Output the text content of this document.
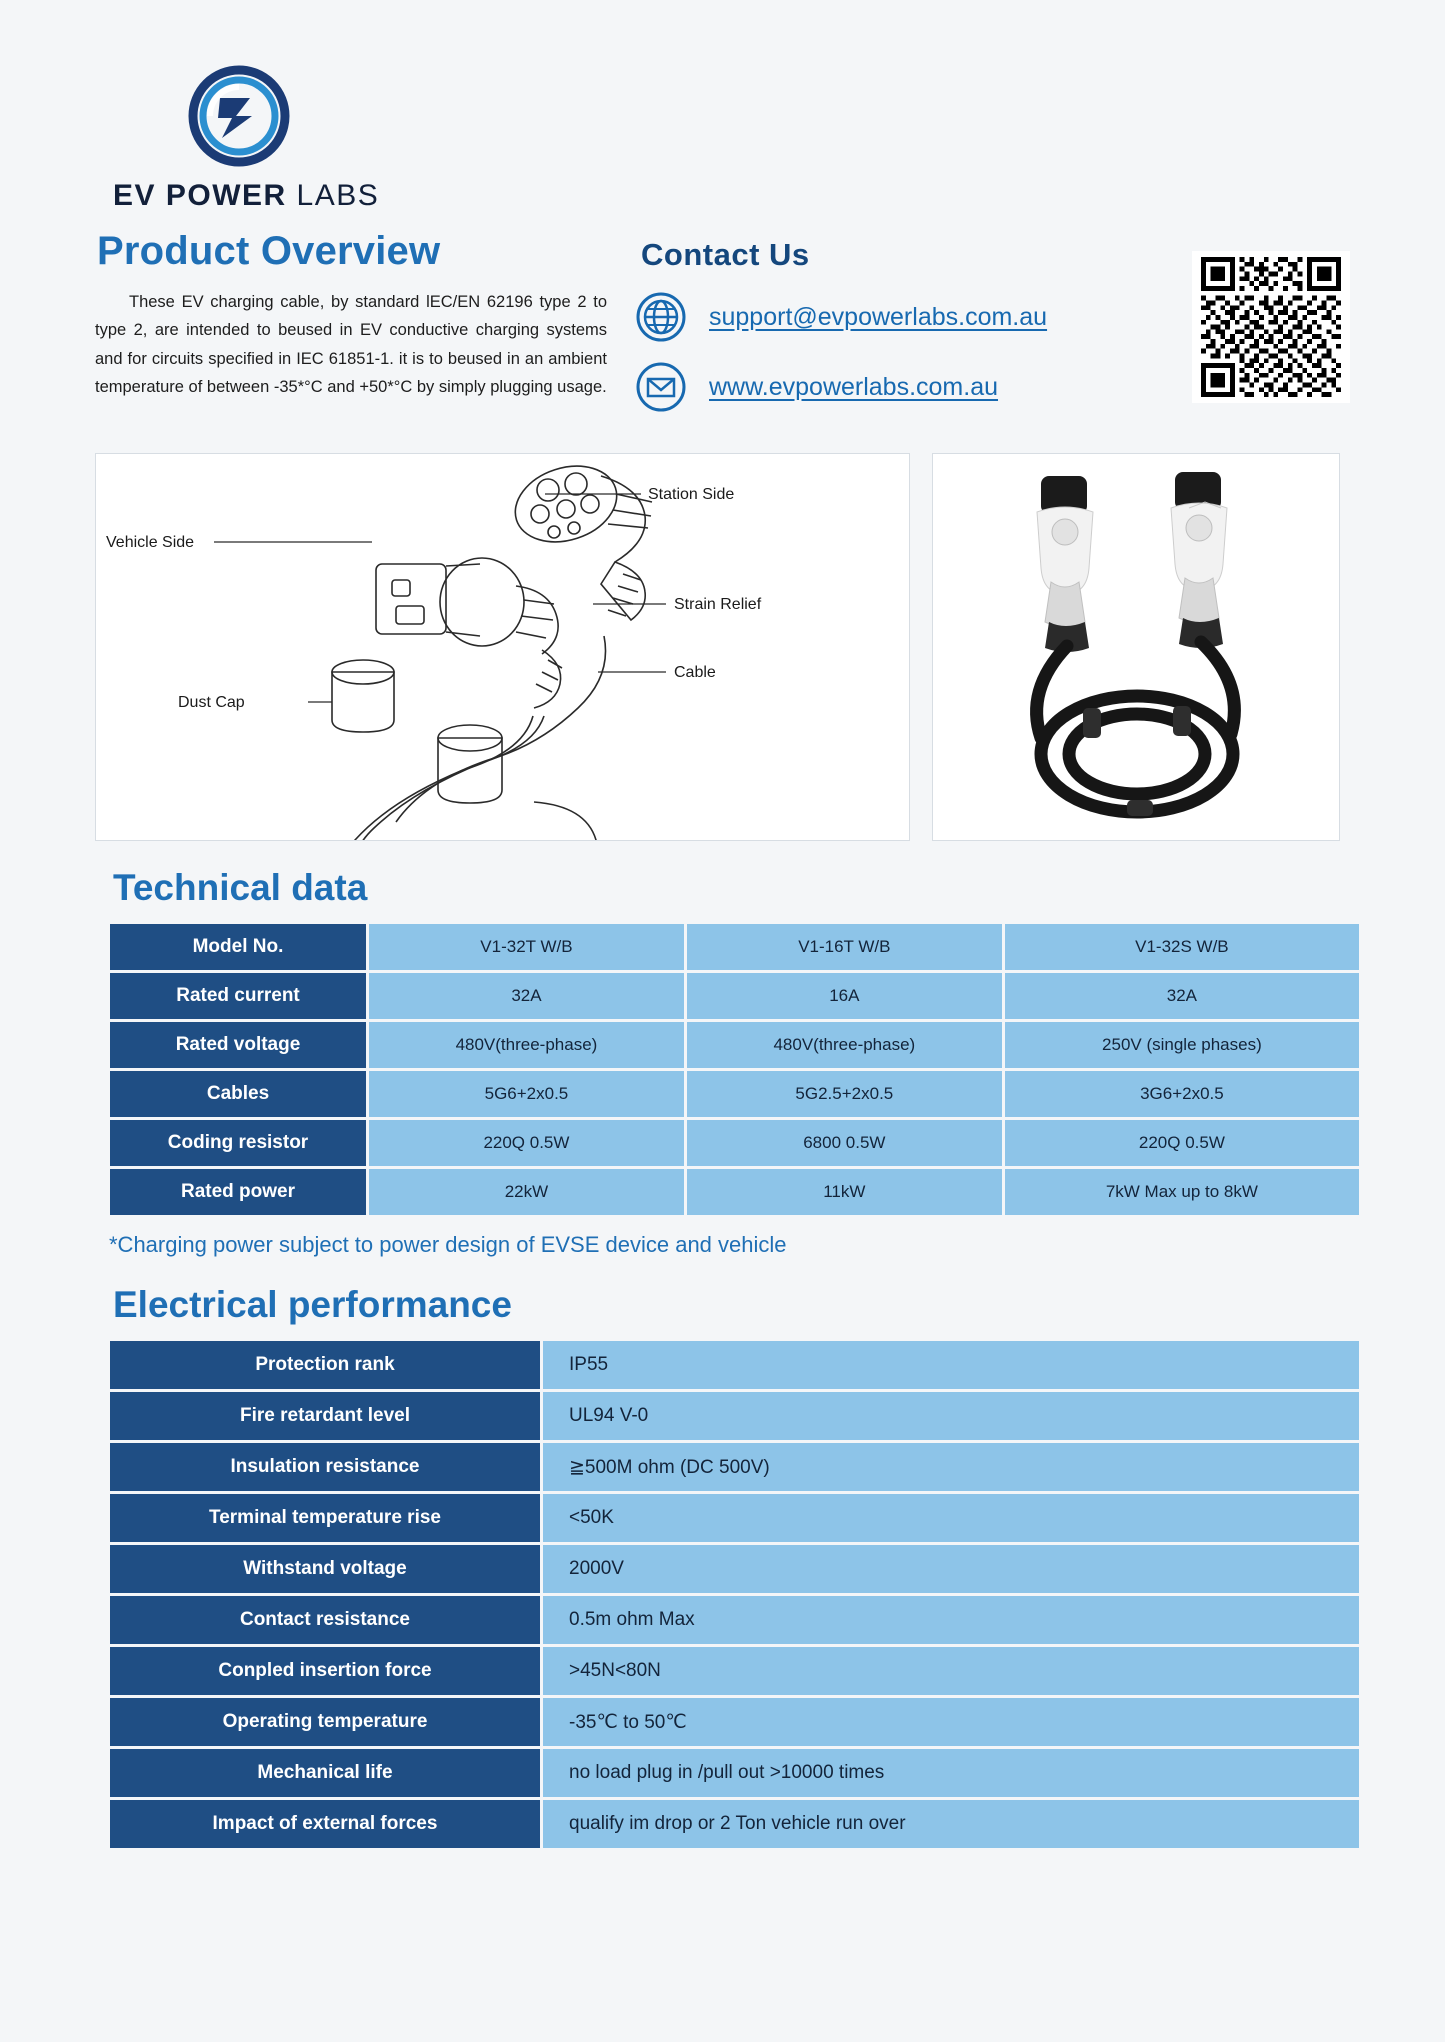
EV POWER LABS
Product Overview

These EV charging cable, by standard lEC/EN 62196 type 2 to type 2, are intended to beused in EV conductive charging systems and for circuits specified in IEC 61851-1. it is to beused in an ambient temperature of between -35*°C and +50*°C by simply plugging usage.

Contact Us
support@evpowerlabs.com.au
www.evpowerlabs.com.au
Station Side
Vehicle Side
Strain Relief
Cable
Dust Cap
Technical data
Model No.	V1-32T W/B	V1-16T W/B	V1-32S W/B
Rated current	32A	16A	32A
Rated voltage	480V(three-phase)	480V(three-phase)	250V (single phases)
Cables	5G6+2x0.5	5G2.5+2x0.5	3G6+2x0.5
Coding resistor	220Q 0.5W	6800 0.5W	220Q 0.5W
Rated power	22kW	11kW	7kW Max up to 8kW
*Charging power subject to power design of EVSE device and vehicle
Electrical performance
Protection rank	IP55
Fire retardant level	UL94 V-0
Insulation resistance	≧500M ohm (DC 500V)
Terminal temperature rise	<50K
Withstand voltage	2000V
Contact resistance	0.5m ohm Max
Conpled insertion force	>45N<80N
Operating temperature	-35℃ to 50℃
Mechanical life	no load plug in /pull out >10000 times
Impact of external forces	qualify im drop or 2 Ton vehicle run over
